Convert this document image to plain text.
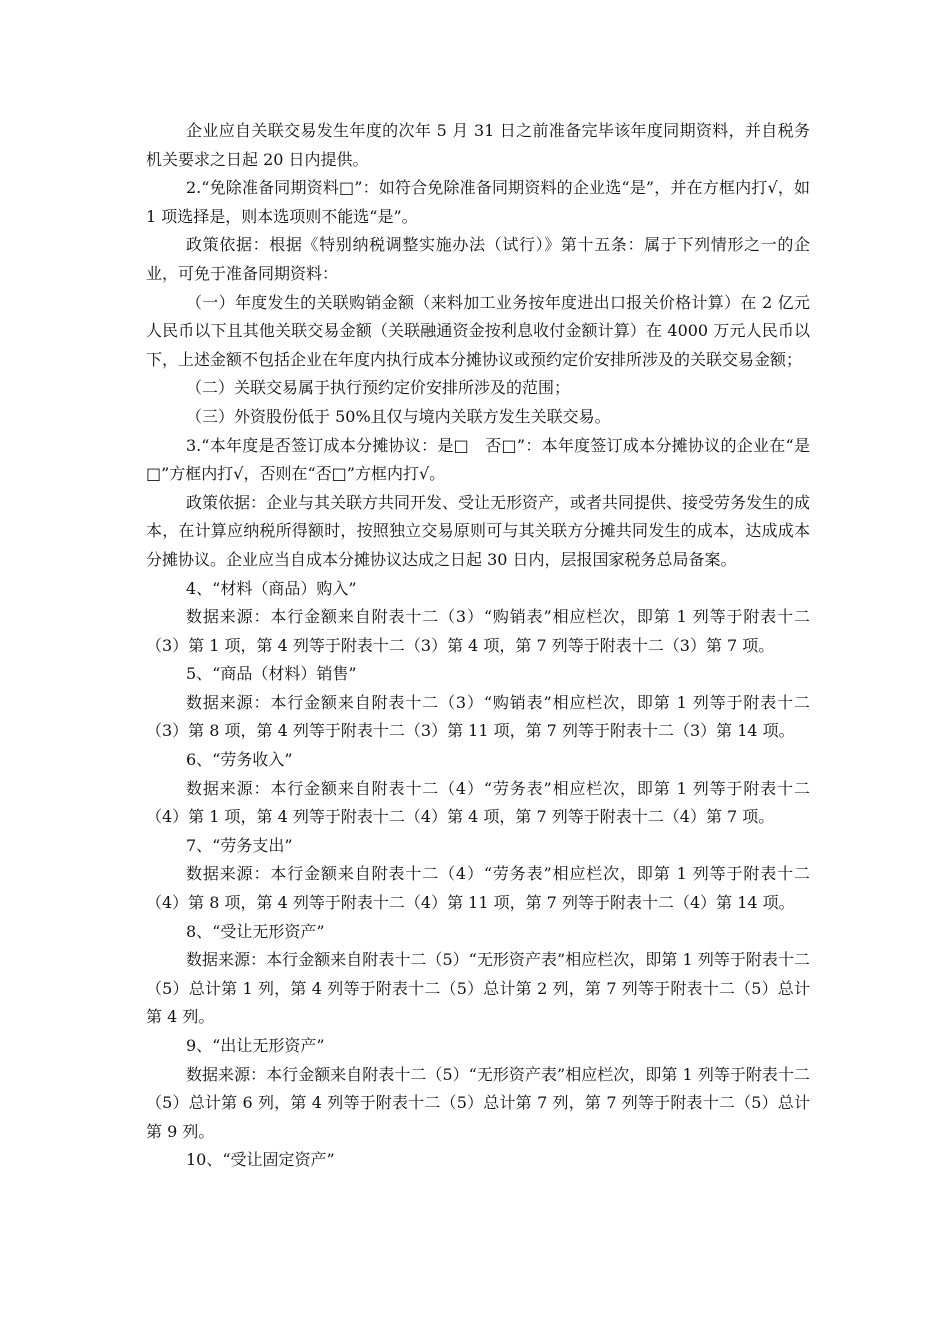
企业应自关联交易发生年度的次年 5 月 31 日之前准备完毕该年度同期资料，并自税务机关要求之日起 20 日内提供。

2.“免除准备同期资料□”：如符合免除准备同期资料的企业选“是”，并在方框内打√，如 1 项选择是，则本选项则不能选“是”。

政策依据：根据《特别纳税调整实施办法（试行）》第十五条：属于下列情形之一的企业，可免于准备同期资料：

（一）年度发生的关联购销金额（来料加工业务按年度进出口报关价格计算）在 2 亿元人民币以下且其他关联交易金额（关联融通资金按利息收付金额计算）在 4000 万元人民币以下，上述金额不包括企业在年度内执行成本分摊协议或预约定价安排所涉及的关联交易金额；

（二）关联交易属于执行预约定价安排所涉及的范围；

（三）外资股份低于 50%且仅与境内关联方发生关联交易。

3.“本年度是否签订成本分摊协议：是□　否□”：本年度签订成本分摊协议的企业在“是□”方框内打√，否则在“否□”方框内打√。

政策依据：企业与其关联方共同开发、受让无形资产，或者共同提供、接受劳务发生的成本，在计算应纳税所得额时，按照独立交易原则可与其关联方分摊共同发生的成本，达成成本分摊协议。企业应当自成本分摊协议达成之日起 30 日内，层报国家税务总局备案。

4、“材料（商品）购入”

数据来源：本行金额来自附表十二（3）“购销表”相应栏次，即第 1 列等于附表十二（3）第 1 项，第 4 列等于附表十二（3）第 4 项，第 7 列等于附表十二（3）第 7 项。

5、“商品（材料）销售”

数据来源：本行金额来自附表十二（3）“购销表”相应栏次，即第 1 列等于附表十二（3）第 8 项，第 4 列等于附表十二（3）第 11 项，第 7 列等于附表十二（3）第 14 项。

6、“劳务收入”

数据来源：本行金额来自附表十二（4）“劳务表”相应栏次，即第 1 列等于附表十二（4）第 1 项，第 4 列等于附表十二（4）第 4 项，第 7 列等于附表十二（4）第 7 项。

7、“劳务支出”

数据来源：本行金额来自附表十二（4）“劳务表”相应栏次，即第 1 列等于附表十二（4）第 8 项，第 4 列等于附表十二（4）第 11 项，第 7 列等于附表十二（4）第 14 项。

8、“受让无形资产”

数据来源：本行金额来自附表十二（5）“无形资产表”相应栏次，即第 1 列等于附表十二（5）总计第 1 列，第 4 列等于附表十二（5）总计第 2 列，第 7 列等于附表十二（5）总计第 4 列。

9、“出让无形资产”

数据来源：本行金额来自附表十二（5）“无形资产表”相应栏次，即第 1 列等于附表十二（5）总计第 6 列，第 4 列等于附表十二（5）总计第 7 列，第 7 列等于附表十二（5）总计第 9 列。

10、“受让固定资产”
